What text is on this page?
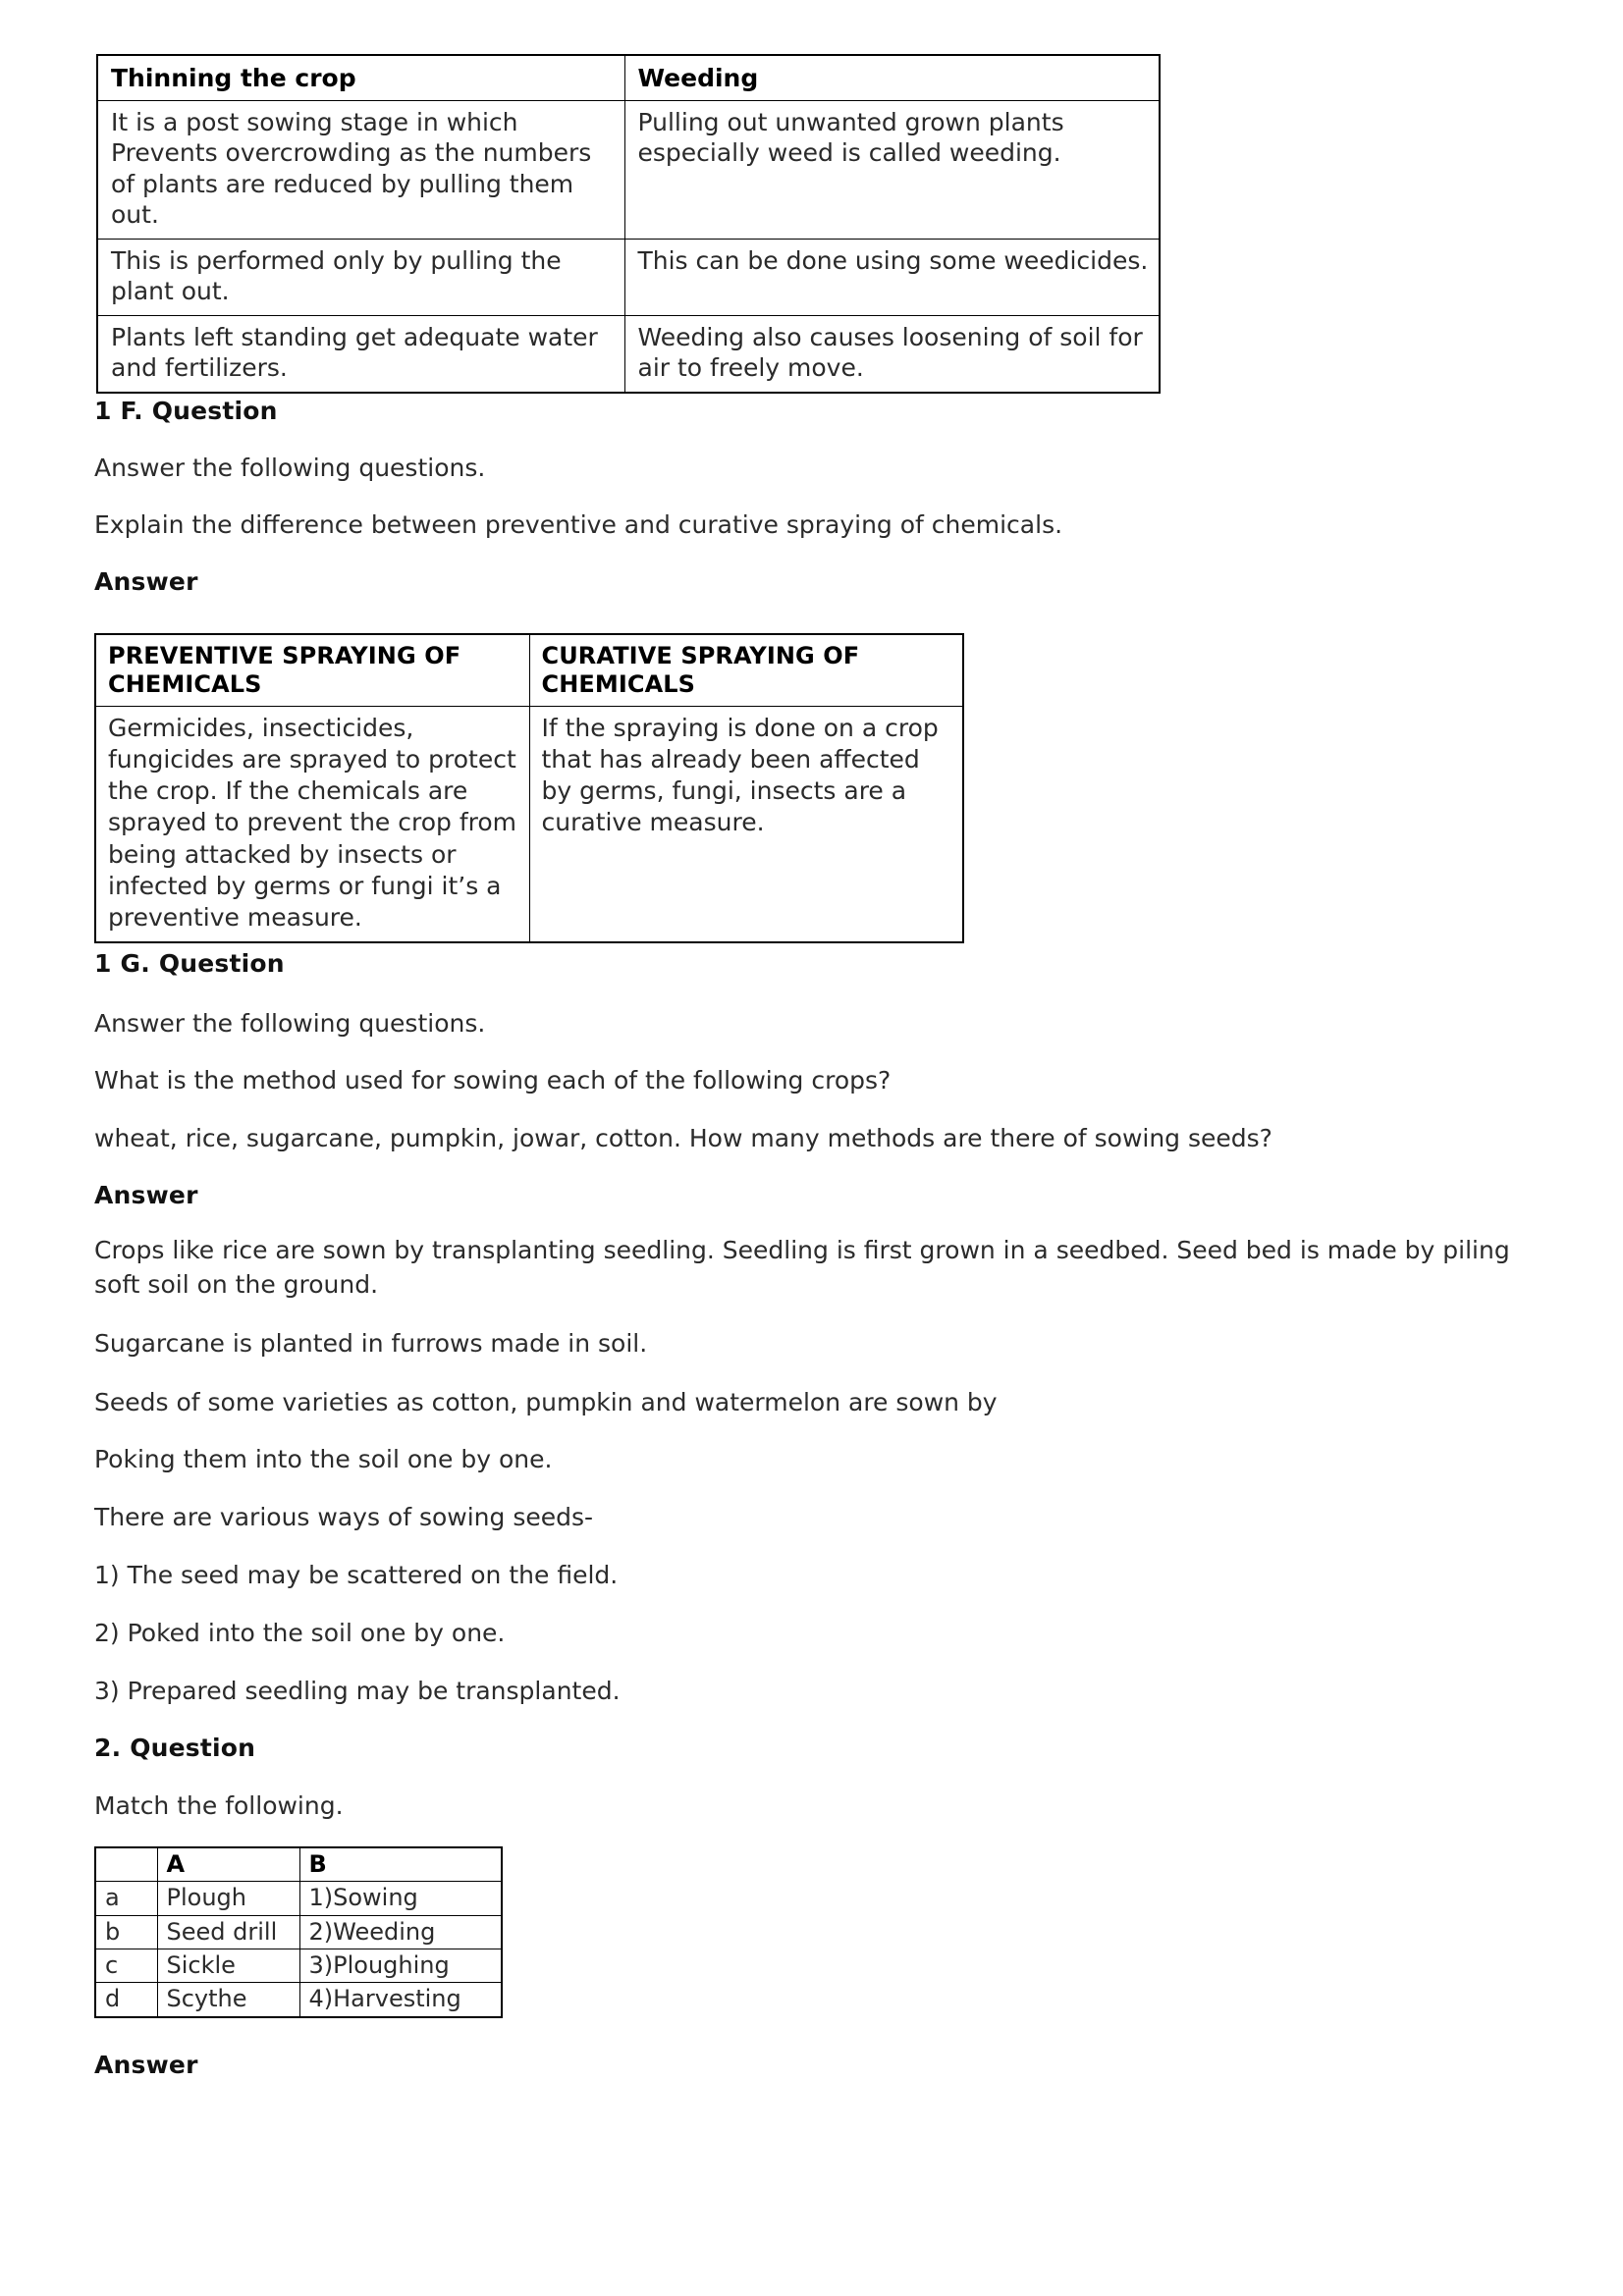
Thinning the crop	Weeding
It is a post sowing stage in which Prevents overcrowding as the numbers of plants are reduced by pulling them out.	Pulling out unwanted grown plants especially weed is called weeding.
This is performed only by pulling the plant out.	This can be done using some weedicides.
Plants left standing get adequate water and fertilizers.	Weeding also causes loosening of soil for air to freely move.
1 F. Question
Answer the following questions.
Explain the difference between preventive and curative spraying of chemicals.
Answer
PREVENTIVE SPRAYING OF CHEMICALS	CURATIVE SPRAYING OF CHEMICALS
Germicides, insecticides, fungicides are sprayed to protect the crop. If the chemicals are sprayed to prevent the crop from being attacked by insects or infected by germs or fungi it’s a preventive measure.	If the spraying is done on a crop that has already been affected by germs, fungi, insects are a curative measure.
1 G. Question
Answer the following questions.
What is the method used for sowing each of the following crops?
wheat, rice, sugarcane, pumpkin, jowar, cotton. How many methods are there of sowing seeds?
Answer
Crops like rice are sown by transplanting seedling. Seedling is first grown in a seedbed. Seed bed is made by piling soft soil on the ground.
Sugarcane is planted in furrows made in soil.
Seeds of some varieties as cotton, pumpkin and watermelon are sown by
Poking them into the soil one by one.
There are various ways of sowing seeds-
1) The seed may be scattered on the field.
2) Poked into the soil one by one.
3) Prepared seedling may be transplanted.
2. Question
Match the following.
	A	B
a	Plough	1)Sowing
b	Seed drill	2)Weeding
c	Sickle	3)Ploughing
d	Scythe	4)Harvesting
Answer
